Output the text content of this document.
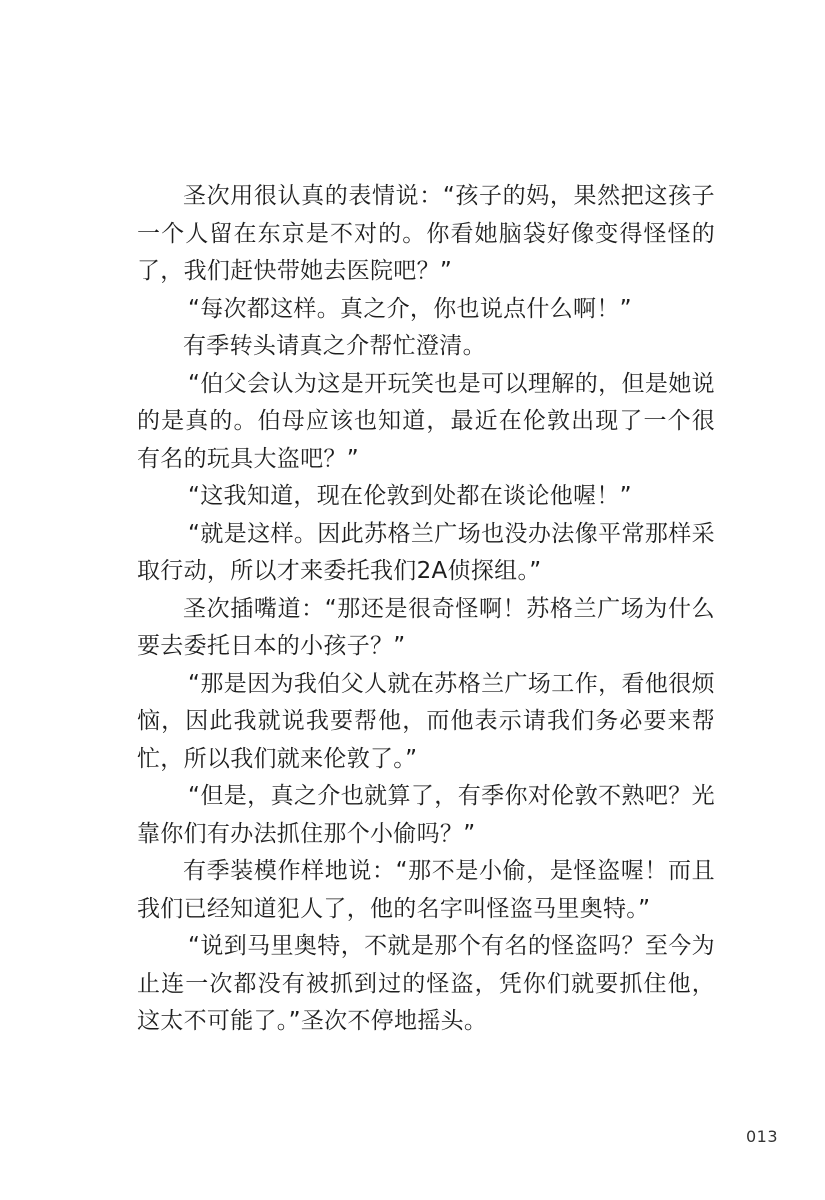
圣次用很认真的表情说：“孩子的妈，果然把这孩子一个人留在东京是不对的。你看她脑袋好像变得怪怪的了，我们赶快带她去医院吧？”

“每次都这样。真之介，你也说点什么啊！”

有季转头请真之介帮忙澄清。

“伯父会认为这是开玩笑也是可以理解的，但是她说的是真的。伯母应该也知道，最近在伦敦出现了一个很有名的玩具大盗吧？”

“这我知道，现在伦敦到处都在谈论他喔！”

“就是这样。因此苏格兰广场也没办法像平常那样采取行动，所以才来委托我们2A侦探组。”

圣次插嘴道：“那还是很奇怪啊！苏格兰广场为什么要去委托日本的小孩子？”

“那是因为我伯父人就在苏格兰广场工作，看他很烦恼，因此我就说我要帮他，而他表示请我们务必要来帮忙，所以我们就来伦敦了。”

“但是，真之介也就算了，有季你对伦敦不熟吧？光靠你们有办法抓住那个小偷吗？”

有季装模作样地说：“那不是小偷，是怪盗喔！而且我们已经知道犯人了，他的名字叫怪盗马里奥特。”

“说到马里奥特，不就是那个有名的怪盗吗？至今为止连一次都没有被抓到过的怪盗，凭你们就要抓住他，这太不可能了。”圣次不停地摇头。

013
